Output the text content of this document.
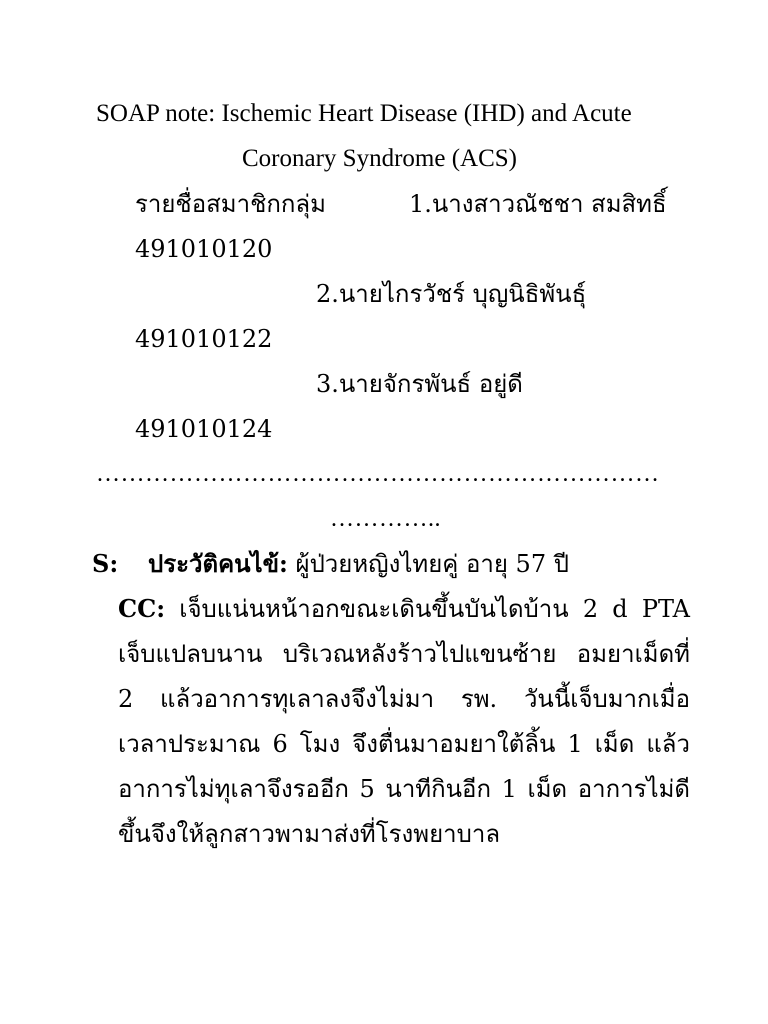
SOAP note: Ischemic Heart Disease (IHD) and Acute
Coronary Syndrome (ACS)
รายชื่อสมาชิกกลุ่ม	1.นางสาวณัชชา สมสิทธิ์
491010120
2.นายไกรวัชร์ บุญนิธิพันธุ์
491010122
3.นายจักรพันธ์ อยู่ดี
491010124
……………………………………………………………
…………..
S: ประวัติคนไข้: ผู้ป่วยหญิงไทยคู่ อายุ 57 ปี
CC: เจ็บแน่นหน้าอกขณะเดินขึ้นบันไดบ้าน 2 d PTA
เจ็บแปลบนาน บริเวณหลังร้าวไปแขนซ้าย อมยาเม็ดที่
2 แล้วอาการทุเลาลงจึงไม่มา รพ. วันนี้เจ็บมากเมื่อ
เวลาประมาณ 6 โมง จึงตื่นมาอมยาใต้ลิ้น 1 เม็ด แล้ว
อาการไม่ทุเลาจึงรออีก 5 นาทีกินอีก 1 เม็ด อาการไม่ดี
ขึ้นจึงให้ลูกสาวพามาส่งที่โรงพยาบาล
